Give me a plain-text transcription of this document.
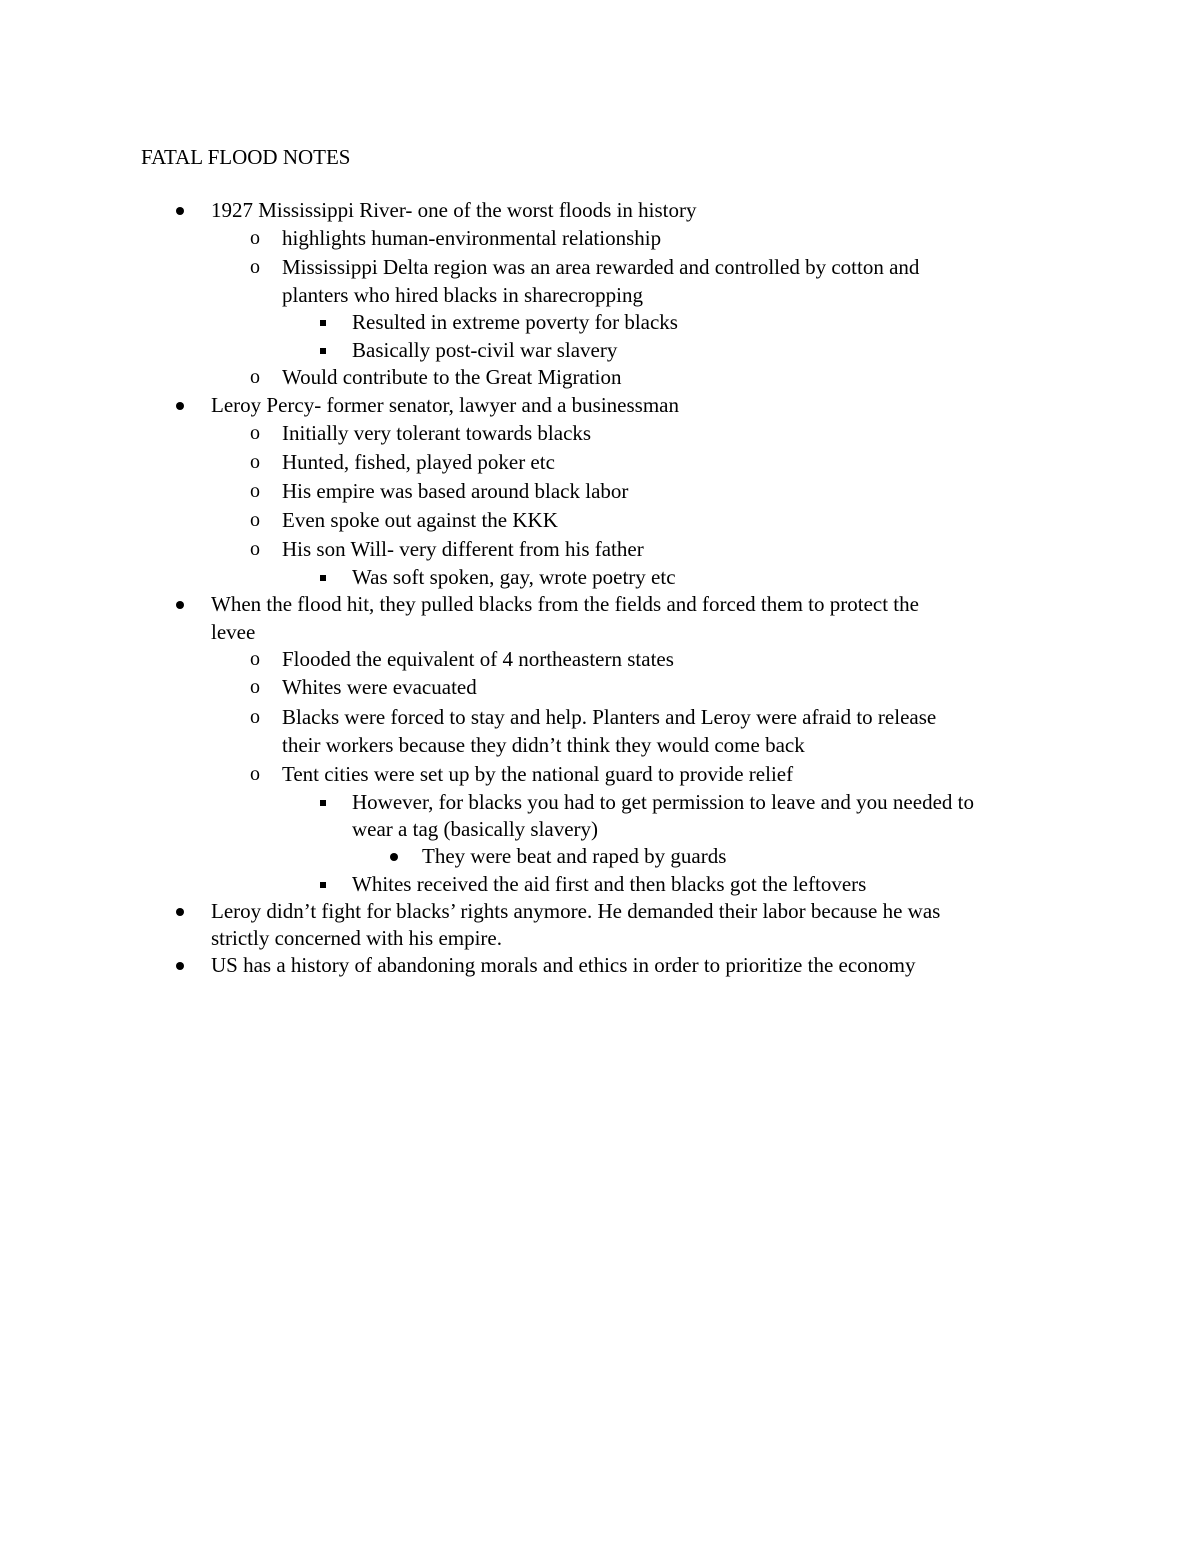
FATAL FLOOD NOTES
1927 Mississippi River- one of the worst floods in history
o highlights human-environmental relationship
o Mississippi Delta region was an area rewarded and controlled by cotton and
planters who hired blacks in sharecropping
Resulted in extreme poverty for blacks
Basically post-civil war slavery
o Would contribute to the Great Migration
Leroy Percy- former senator, lawyer and a businessman
o Initially very tolerant towards blacks
o Hunted, fished, played poker etc
o His empire was based around black labor
o Even spoke out against the KKK
o His son Will- very different from his father
Was soft spoken, gay, wrote poetry etc
When the flood hit, they pulled blacks from the fields and forced them to protect the
levee
o Flooded the equivalent of 4 northeastern states
o Whites were evacuated
o Blacks were forced to stay and help. Planters and Leroy were afraid to release
their workers because they didn’t think they would come back
o Tent cities were set up by the national guard to provide relief
However, for blacks you had to get permission to leave and you needed to
wear a tag (basically slavery)
They were beat and raped by guards
Whites received the aid first and then blacks got the leftovers
Leroy didn’t fight for blacks’ rights anymore. He demanded their labor because he was
strictly concerned with his empire.
US has a history of abandoning morals and ethics in order to prioritize the economy
